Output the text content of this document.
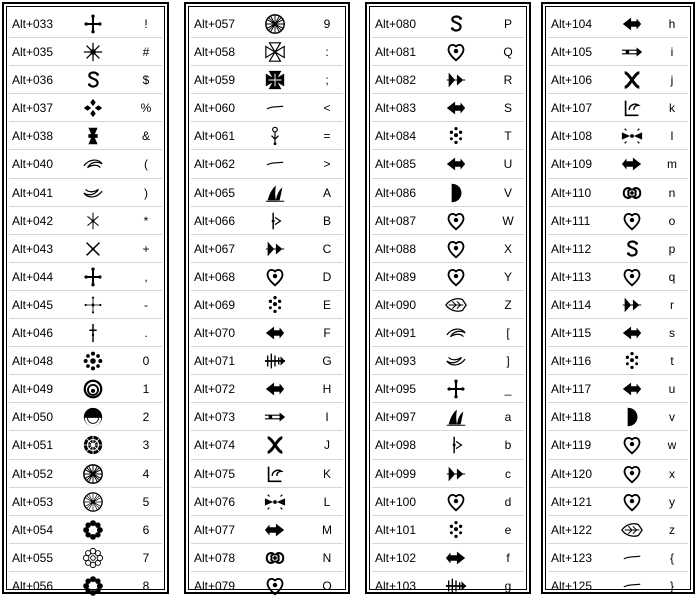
Alt+033	!
Alt+035	#
Alt+036	$
Alt+037	%
Alt+038	&
Alt+040	(
Alt+041	)
Alt+042	*
Alt+043	+
Alt+044	,
Alt+045	-
Alt+046	.
Alt+048	0
Alt+049	1
Alt+050	2
Alt+051	3
Alt+052	4
Alt+053	5
Alt+054	6
Alt+055	7
Alt+056	8
Alt+057	9
Alt+058	:
Alt+059	;
Alt+060	<
Alt+061	=
Alt+062	>
Alt+065	A
Alt+066	B
Alt+067	C
Alt+068	D
Alt+069	E
Alt+070	F
Alt+071	G
Alt+072	H
Alt+073	I
Alt+074	J
Alt+075	K
Alt+076	L
Alt+077	M
Alt+078	N
Alt+079	O
Alt+080	P
Alt+081	Q
Alt+082	R
Alt+083	S
Alt+084	T
Alt+085	U
Alt+086	V
Alt+087	W
Alt+088	X
Alt+089	Y
Alt+090	Z
Alt+091	[
Alt+093	]
Alt+095	_
Alt+097	a
Alt+098	b
Alt+099	c
Alt+100	d
Alt+101	e
Alt+102	f
Alt+103	g
Alt+104	h
Alt+105	i
Alt+106	j
Alt+107	k
Alt+108	l
Alt+109	m
Alt+110	n
Alt+111	o
Alt+112	p
Alt+113	q
Alt+114	r
Alt+115	s
Alt+116	t
Alt+117	u
Alt+118	v
Alt+119	w
Alt+120	x
Alt+121	y
Alt+122	z
Alt+123	{
Alt+125	}
